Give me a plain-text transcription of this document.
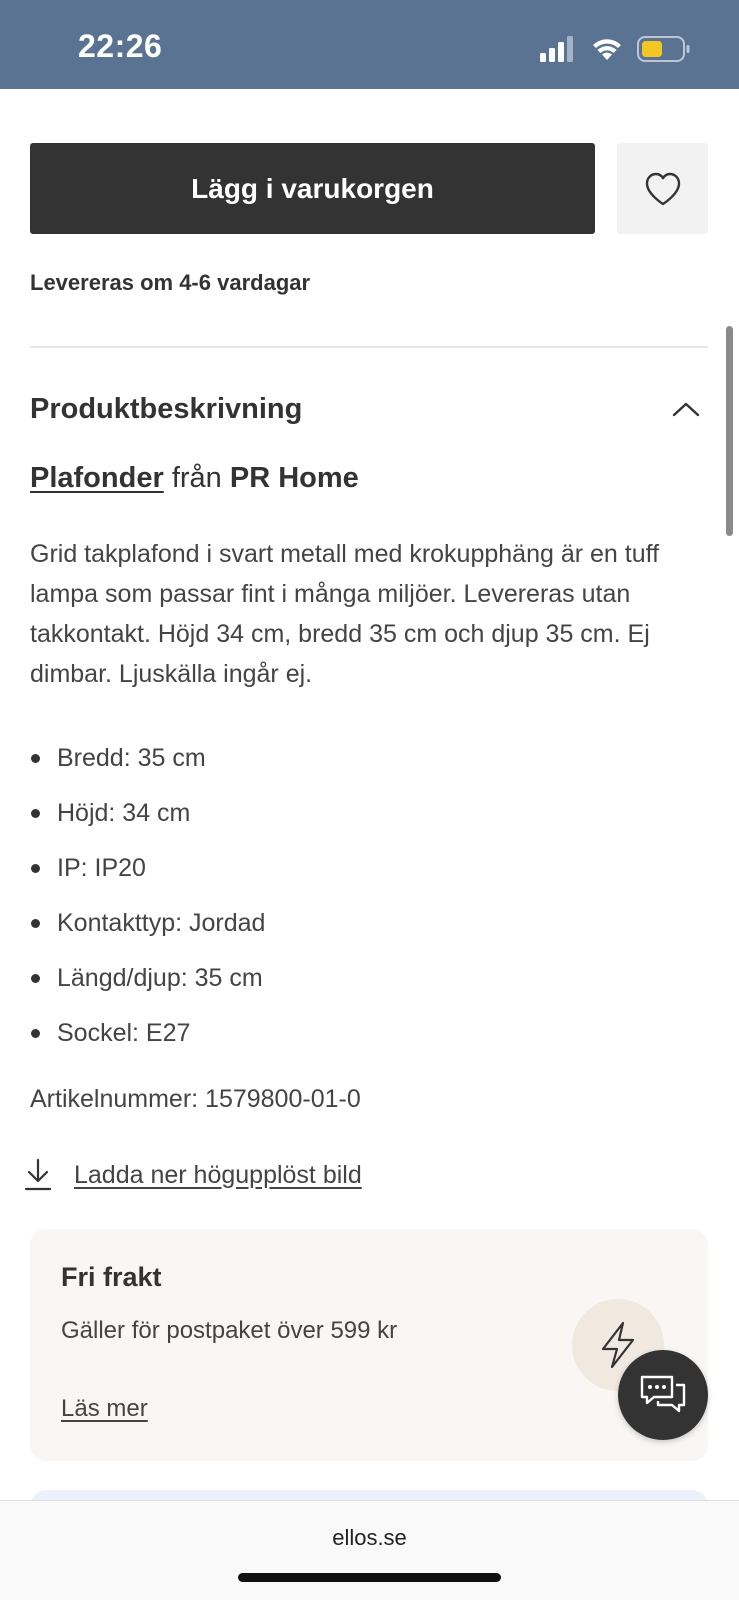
22:26
Lägg i varukorgen
Levereras om 4-6 vardagar
Produktbeskrivning
Plafonder från PR Home

Grid takplafond i svart metall med krokupphäng är en tuff lampa som passar fint i många miljöer. Levereras utan takkontakt. Höjd 34 cm, bredd 35 cm och djup 35 cm. Ej dimbar. Ljuskälla ingår ej.

Bredd: 35 cm
Höjd: 34 cm
IP: IP20
Kontakttyp: Jordad
Längd/djup: 35 cm
Sockel: E27
Artikelnummer: 1579800-01-0
Ladda ner högupplöst bild
Fri frakt
Gäller för postpaket över 599 kr
Läs mer
ellos.se
